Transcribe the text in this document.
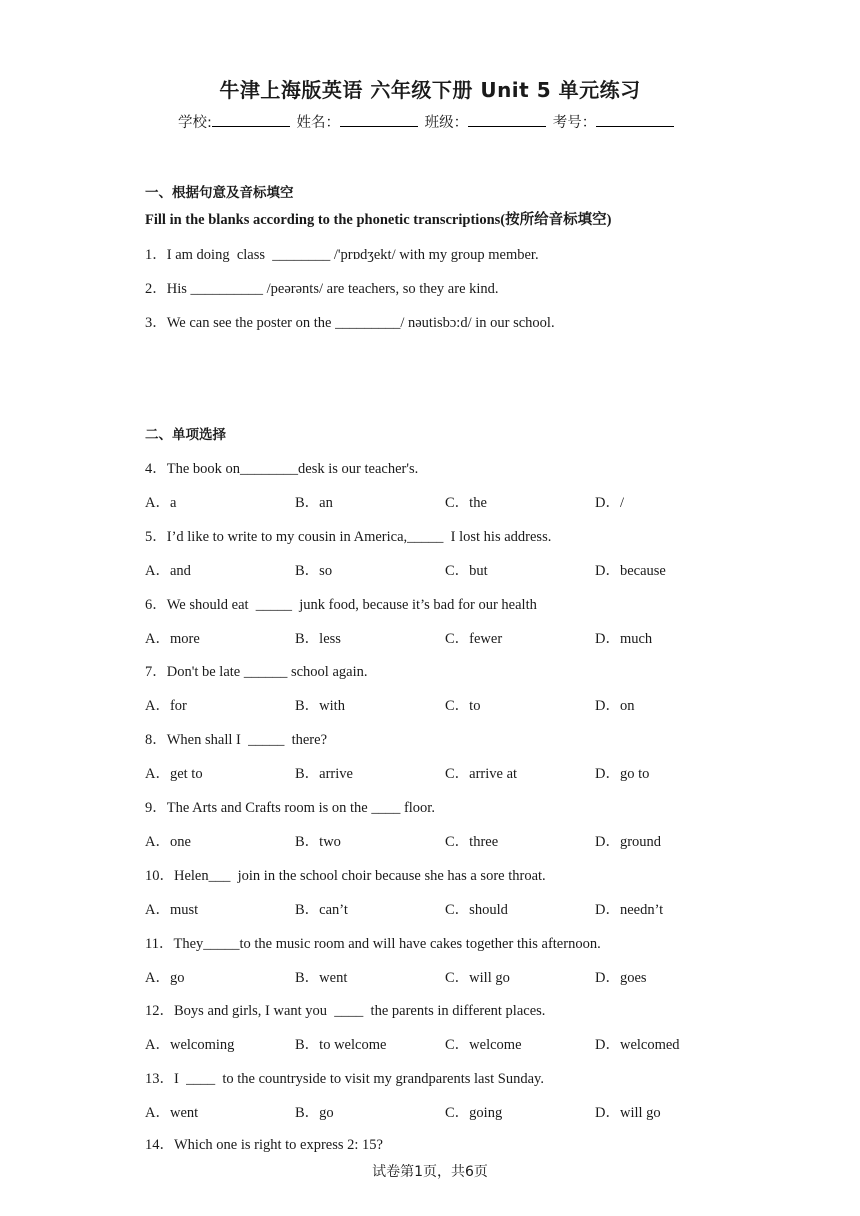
牛津上海版英语 六年级下册 Unit 5 单元练习
学校:	姓名：	班级：	考号：
一、根据句意及音标填空
Fill in the blanks according to the phonetic transcriptions(按所给音标填空)
1．I am doing  class  ________ /'prɒdʒekt/ with my group member.
2．His __________ /peərənts/ are teachers, so they are kind.
3．We can see the poster on the _________/ nəutisbɔ:d/ in our school.
二、单项选择
4．The book on________desk is our teacher's.
A．a	B．an	C．the	D．/
5．I’d like to write to my cousin in America,_____  I lost his address.
A．and	B．so	C．but	D．because
6．We should eat  _____  junk food, because it’s bad for our health
A．more	B．less	C．fewer	D．much
7．Don't be late ______ school again.
A．for	B．with	C．to	D．on
8．When shall I  _____  there?
A．get to	B．arrive	C．arrive at	D．go to
9．The Arts and Crafts room is on the ____ floor.
A．one	B．two	C．three	D．ground
10．Helen___  join in the school choir because she has a sore throat.
A．must	B．can’t	C．should	D．needn’t
11．They_____to the music room and will have cakes together this afternoon.
A．go	B．went	C．will go	D．goes
12．Boys and girls, I want you  ____  the parents in different places.
A．welcoming	B．to welcome	C．welcome	D．welcomed
13．I  ____  to the countryside to visit my grandparents last Sunday.
A．went	B．go	C．going	D．will go
14．Which one is right to express 2: 15?
试卷第1页，共6页
